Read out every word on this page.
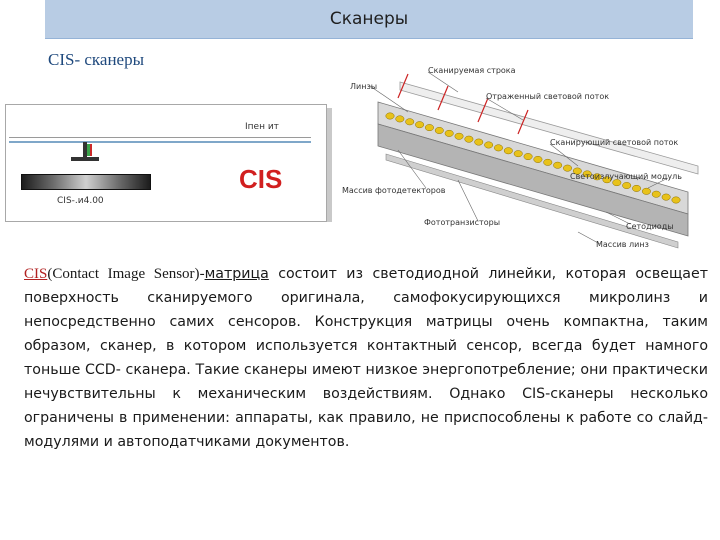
Сканеры
CIS- сканеры
Іпен ит
CIS
CIS-.и4.00
Линзы
Сканируемая строка
Отраженный световой поток
Сканирующий световой поток
Светоизлучающий модуль
Массив фотодетекторов
Фототранзисторы	Сетодиоды
Массив линз
CIS(Contact Image Sensor)-матрица состоит из светодиодной линейки, которая освещает поверхность сканируемого оригинала, самофокусирующихся микролинз и непосредственно самих сенсоров. Конструкция матрицы очень компактна, таким образом, сканер, в котором используется контактный сенсор, всегда будет намного тоньше CCD- сканера. Такие сканеры имеют низкое энергопотребление; они практически нечувствительны к механическим воздействиям. Однако CIS-сканеры несколько ограничены в применении: аппараты, как правило, не приспособлены к работе со слайд-модулями и автоподатчиками документов.
